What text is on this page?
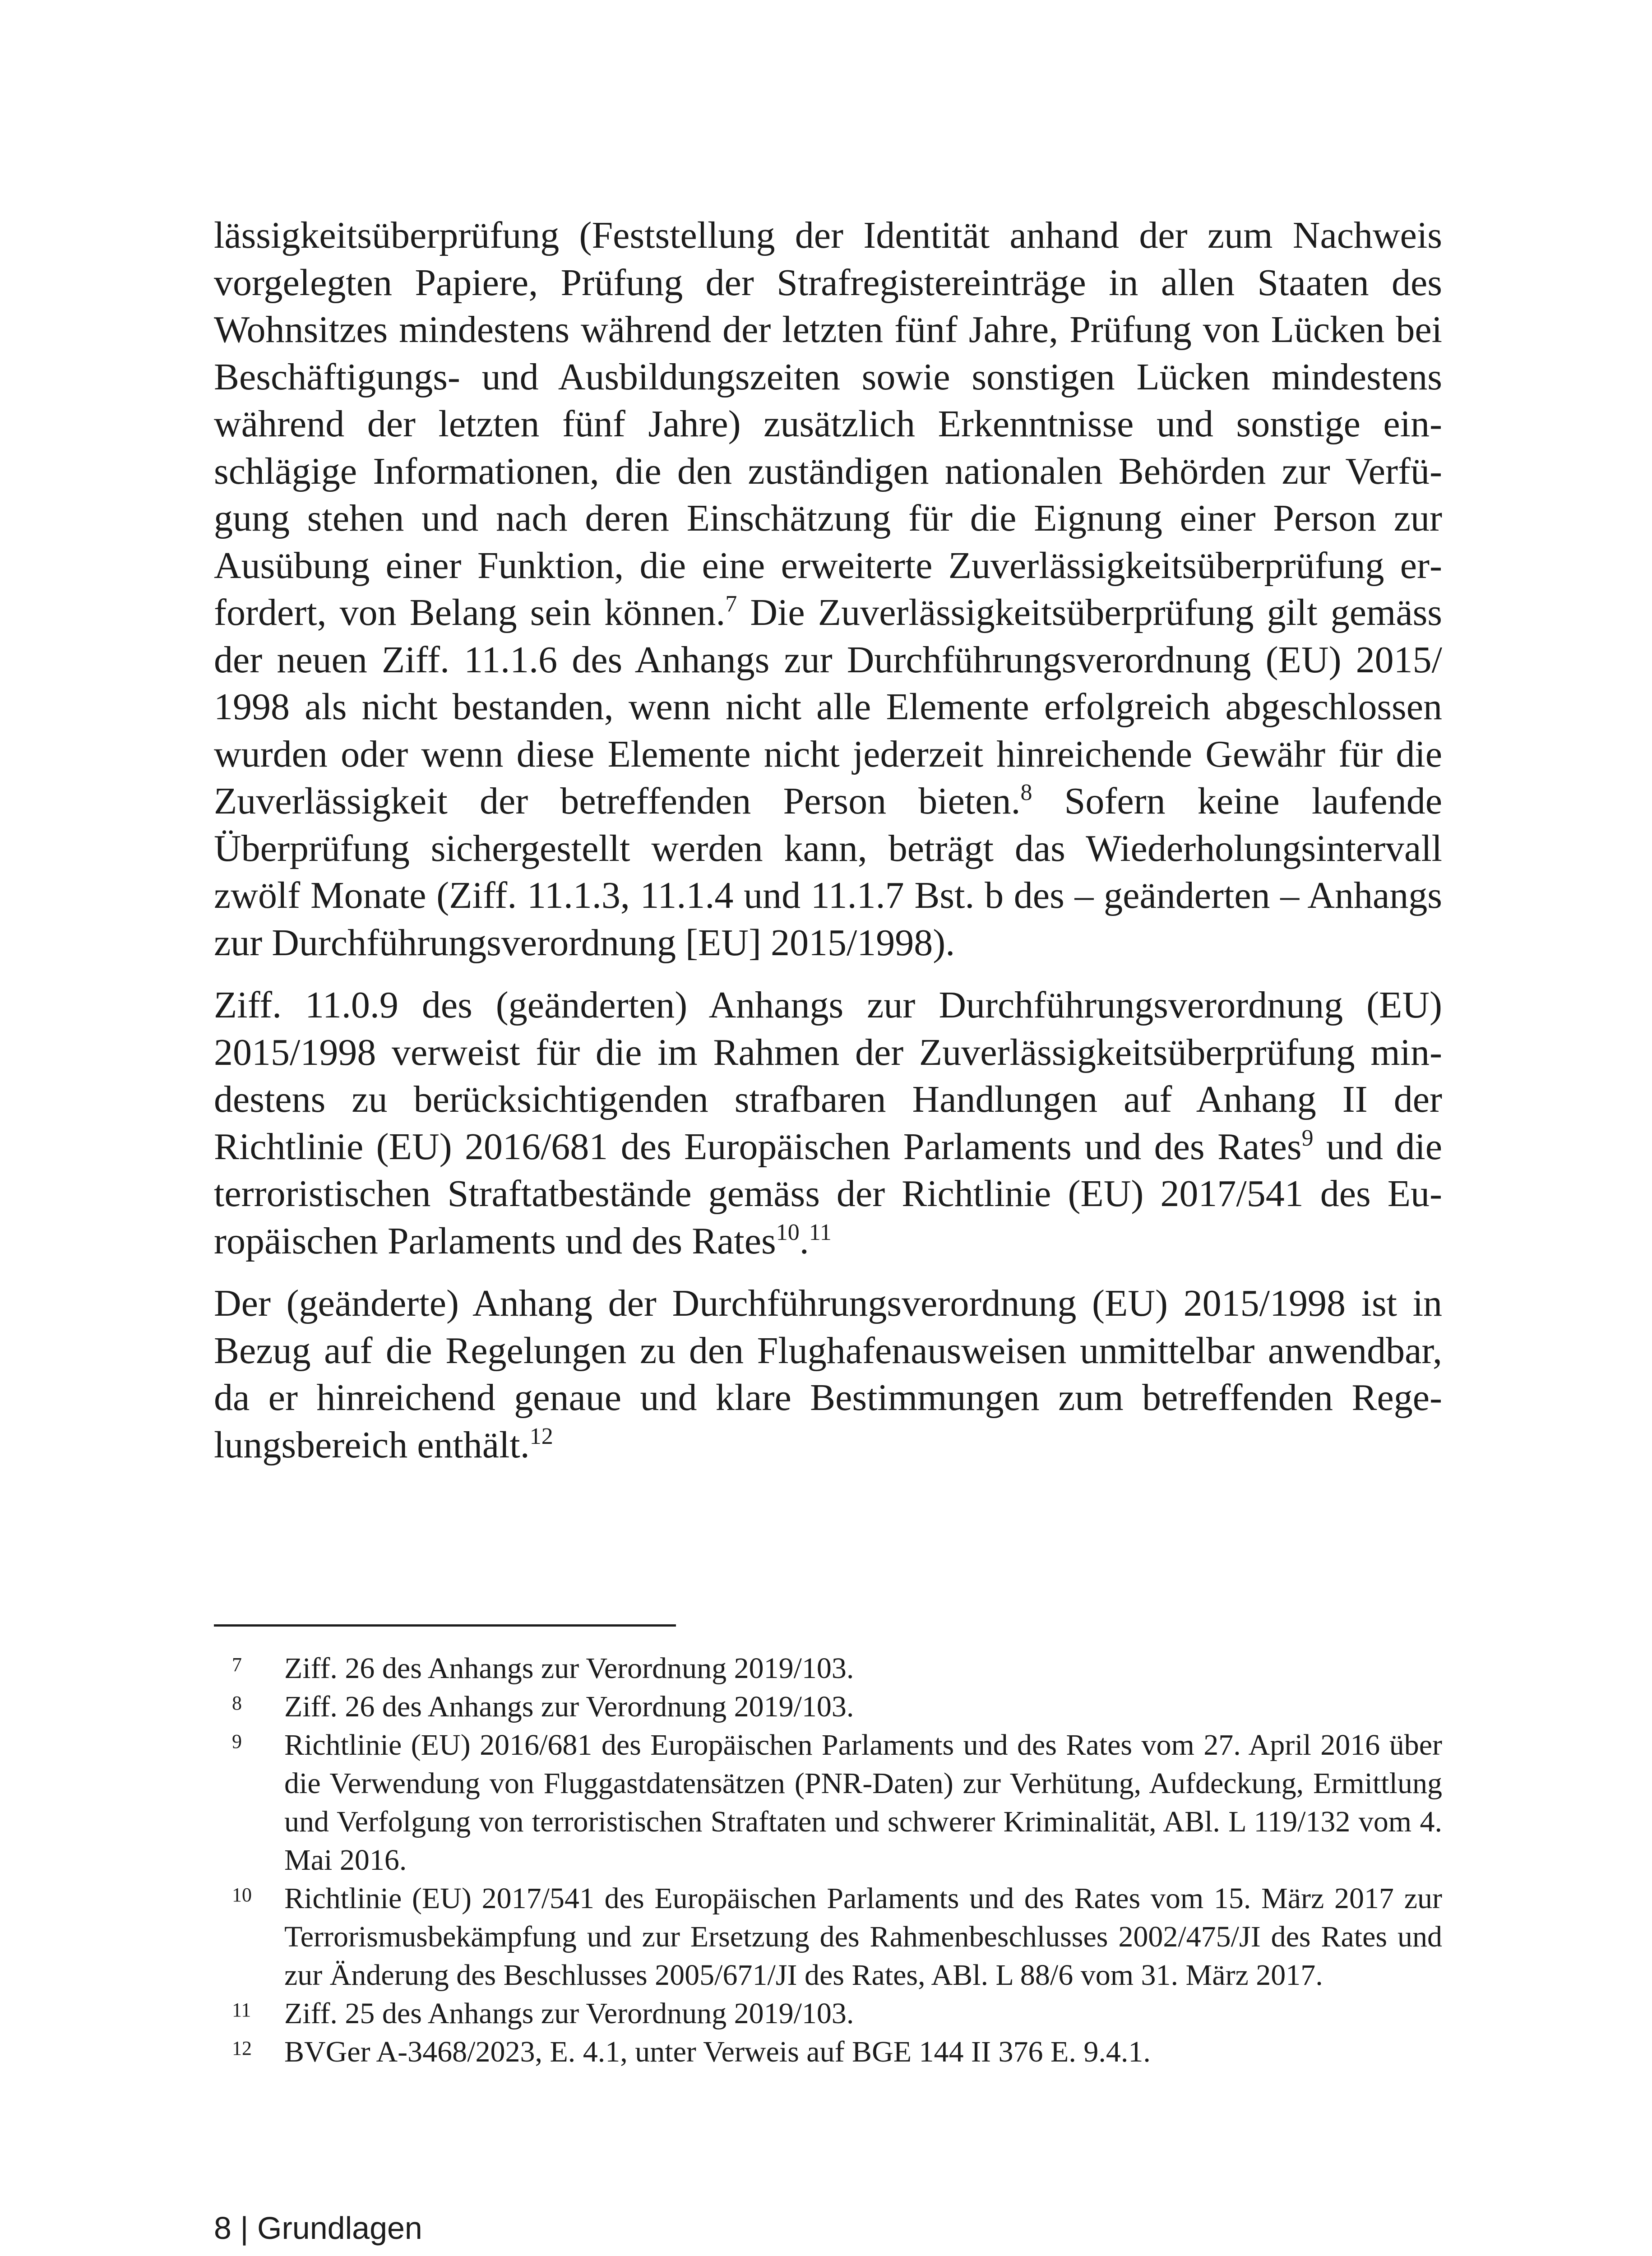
lässigkeitsüberprüfung (Feststellung der Identität anhand der zum Nachweis vorgelegten Papiere, Prüfung der Strafregistereinträge in allen Staaten des Wohnsitzes mindestens während der letzten fünf Jahre, Prüfung von Lücken bei Beschäftigungs- und Ausbildungszeiten sowie sonstigen Lücken mindestens während der letzten fünf Jahre) zusätzlich Erkenntnisse und sonstige einschlägige Informationen, die den zuständigen nationalen Behörden zur Verfügung stehen und nach deren Einschätzung für die Eignung einer Person zur Ausübung einer Funktion, die eine erweiterte Zuverlässigkeitsüberprüfung erfordert, von Belang sein können.$^7$ Die Zuverlässigkeitsüberprüfung gilt gemäss der neuen Ziff. 11.1.6 des Anhangs zur Durchführungsverordnung (EU) 2015/ 1998 als nicht bestanden, wenn nicht alle Elemente erfolgreich abgeschlossen wurden oder wenn diese Elemente nicht jederzeit hinreichende Gewähr für die Zuverlässigkeit der betreffenden Person bieten.$^8$ Sofern keine laufende Überprüfung sichergestellt werden kann, beträgt das Wiederholungsintervall zwölf Monate (Ziff. 11.1.3, 11.1.4 und 11.1.7 Bst. b des – geänderten – Anhangs zur Durchführungsverordnung [EU] 2015/1998).

Ziff. 11.0.9 des (geänderten) Anhangs zur Durchführungsverordnung (EU) 2015/1998 verweist für die im Rahmen der Zuverlässigkeitsüberprüfung mindestens zu berücksichtigenden strafbaren Handlungen auf Anhang II der Richtlinie (EU) 2016/681 des Europäischen Parlaments und des Rates$^9$ und die terroristischen Straftatbestände gemäss der Richtlinie (EU) 2017/541 des Europäischen Parlaments und des Rates$^{10}$.$^{11}$

Der (geänderte) Anhang der Durchführungsverordnung (EU) 2015/1998 ist in Bezug auf die Regelungen zu den Flughafenausweisen unmittelbar anwendbar, da er hinreichend genaue und klare Bestimmungen zum betreffenden Regelungsbereich enthält.$^{12}$

7	Ziff. 26 des Anhangs zur Verordnung 2019/103.
8	Ziff. 26 des Anhangs zur Verordnung 2019/103.
9	Richtlinie (EU) 2016/681 des Europäischen Parlaments und des Rates vom 27. April 2016 über die Verwendung von Fluggastdatensätzen (PNR-Daten) zur Verhütung, Aufdeckung, Ermittlung und Verfolgung von terroristischen Straftaten und schwerer Kriminalität, ABl. L 119/132 vom 4. Mai 2016.
10	Richtlinie (EU) 2017/541 des Europäischen Parlaments und des Rates vom 15. März 2017 zur Terrorismusbekämpfung und zur Ersetzung des Rahmenbeschlusses 2002/475/JI des Rates und zur Änderung des Beschlusses 2005/671/JI des Rates, ABl. L 88/6 vom 31. März 2017.
11	Ziff. 25 des Anhangs zur Verordnung 2019/103.
12	BVGer A-3468/2023, E. 4.1, unter Verweis auf BGE 144 II 376 E. 9.4.1.
8 | Grundlagen
